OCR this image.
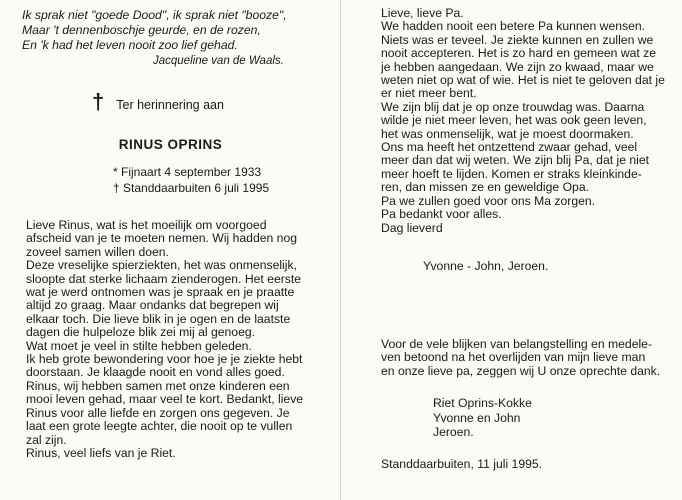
Ik sprak niet "goede Dood", ik sprak niet "booze",
Maar 't dennenboschje geurde, en de rozen,
En 'k had het leven nooit zoo lief gehad.
Jacqueline van de Waals.
† Ter herinnering aan
RINUS OPRINS
* Fijnaart 4 september 1933
† Standdaarbuiten 6 juli 1995
Lieve Rinus, wat is het moeilijk om voorgoed
afscheid van je te moeten nemen. Wij hadden nog
zoveel samen willen doen.
Deze vreselijke spierziekten, het was onmenselijk,
sloopte dat sterke lichaam zienderogen. Het eerste
wat je werd ontnomen was je spraak en je praatte
altijd zo graag. Maar ondanks dat begrepen wij
elkaar toch. Die lieve blik in je ogen en de laatste
dagen die hulpeloze blik zei mij al genoeg.
Wat moet je veel in stilte hebben geleden.
Ik heb grote bewondering voor hoe je je ziekte hebt
doorstaan. Je klaagde nooit en vond alles goed.
Rinus, wij hebben samen met onze kinderen een
mooi leven gehad, maar veel te kort. Bedankt, lieve
Rinus voor alle liefde en zorgen ons gegeven. Je
laat een grote leegte achter, die nooit op te vullen
zal zijn.
Rinus, veel liefs van je Riet.
Lieve, lieve Pa.
We hadden nooit een betere Pa kunnen wensen.
Niets was er teveel. Je ziekte kunnen en zullen we
nooit accepteren. Het is zo hard en gemeen wat ze
je hebben aangedaan. We zijn zo kwaad, maar we
weten niet op wat of wie. Het is niet te geloven dat je
er niet meer bent.
We zijn blij dat je op onze trouwdag was. Daarna
wilde je niet meer leven, het was ook geen leven,
het was onmenselijk, wat je moest doormaken.
Ons ma heeft het ontzettend zwaar gehad, veel
meer dan dat wij weten. We zijn blij Pa, dat je niet
meer hoeft te lijden. Komen er straks kleinkinde-
ren, dan missen ze en geweldige Opa.
Pa we zullen goed voor ons Ma zorgen.
Pa bedankt voor alles.
Dag lieverd
Yvonne - John, Jeroen.
Voor de vele blijken van belangstelling en medele-
ven betoond na het overlijden van mijn lieve man
en onze lieve pa, zeggen wij U onze oprechte dank.
Riet Oprins-Kokke
Yvonne en John
Jeroen.
Standdaarbuiten, 11 juli 1995.
